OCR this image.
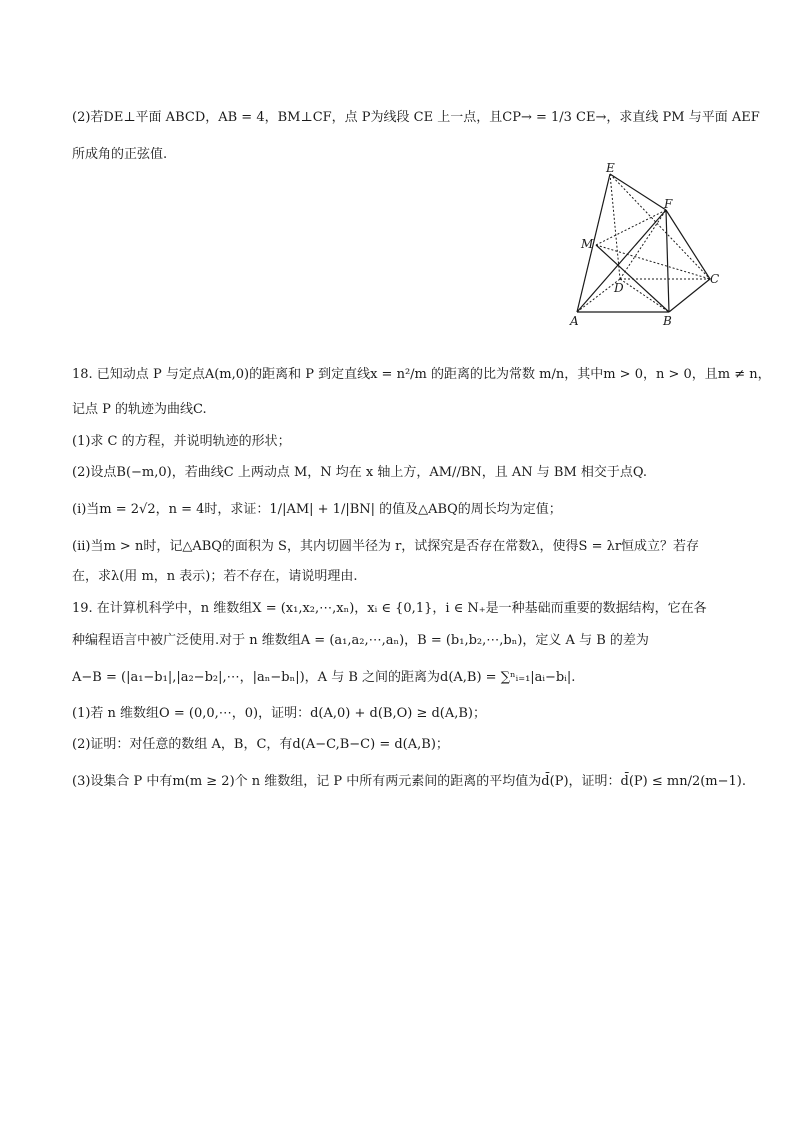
(2)若DE⊥平面 ABCD，AB = 4，BM⊥CF，点 P为线段 CE 上一点，且CP→ = 1/3 CE→，求直线 PM 与平面 AEF
所成角的正弦值.
E
F
M
C
D
A	B
18. 已知动点 P 与定点A(m,0)的距离和 P 到定直线x = n²/m 的距离的比为常数 m/n，其中m > 0，n > 0，且m ≠ n，
记点 P 的轨迹为曲线C.
(1)求 C 的方程，并说明轨迹的形状；
(2)设点B(−m,0)，若曲线C 上两动点 M，N 均在 x 轴上方，AM//BN，且 AN 与 BM 相交于点Q.
(i)当m = 2√2，n = 4时，求证：1/|AM| + 1/|BN| 的值及△ABQ的周长均为定值；
(ii)当m > n时，记△ABQ的面积为 S，其内切圆半径为 r，试探究是否存在常数λ，使得S = λr恒成立？若存
在，求λ(用 m，n 表示)；若不存在，请说明理由.
19. 在计算机科学中，n 维数组X = (x₁,x₂,⋯,xₙ)，xᵢ ∈ {0,1}，i ∈ N₊是一种基础而重要的数据结构，它在各
种编程语言中被广泛使用.对于 n 维数组A = (a₁,a₂,⋯,aₙ)，B = (b₁,b₂,⋯,bₙ)，定义 A 与 B 的差为
A−B = (|a₁−b₁|,|a₂−b₂|,⋯，|aₙ−bₙ|)，A 与 B 之间的距离为d(A,B) = ∑ⁿᵢ₌₁|aᵢ−bᵢ|.
(1)若 n 维数组O = (0,0,⋯，0)，证明：d(A,0) + d(B,O) ≥ d(A,B)；
(2)证明：对任意的数组 A，B，C，有d(A−C,B−C) = d(A,B)；
(3)设集合 P 中有m(m ≥ 2)个 n 维数组，记 P 中所有两元素间的距离的平均值为d̄(P)，证明：d̄(P) ≤ mn/2(m−1).
